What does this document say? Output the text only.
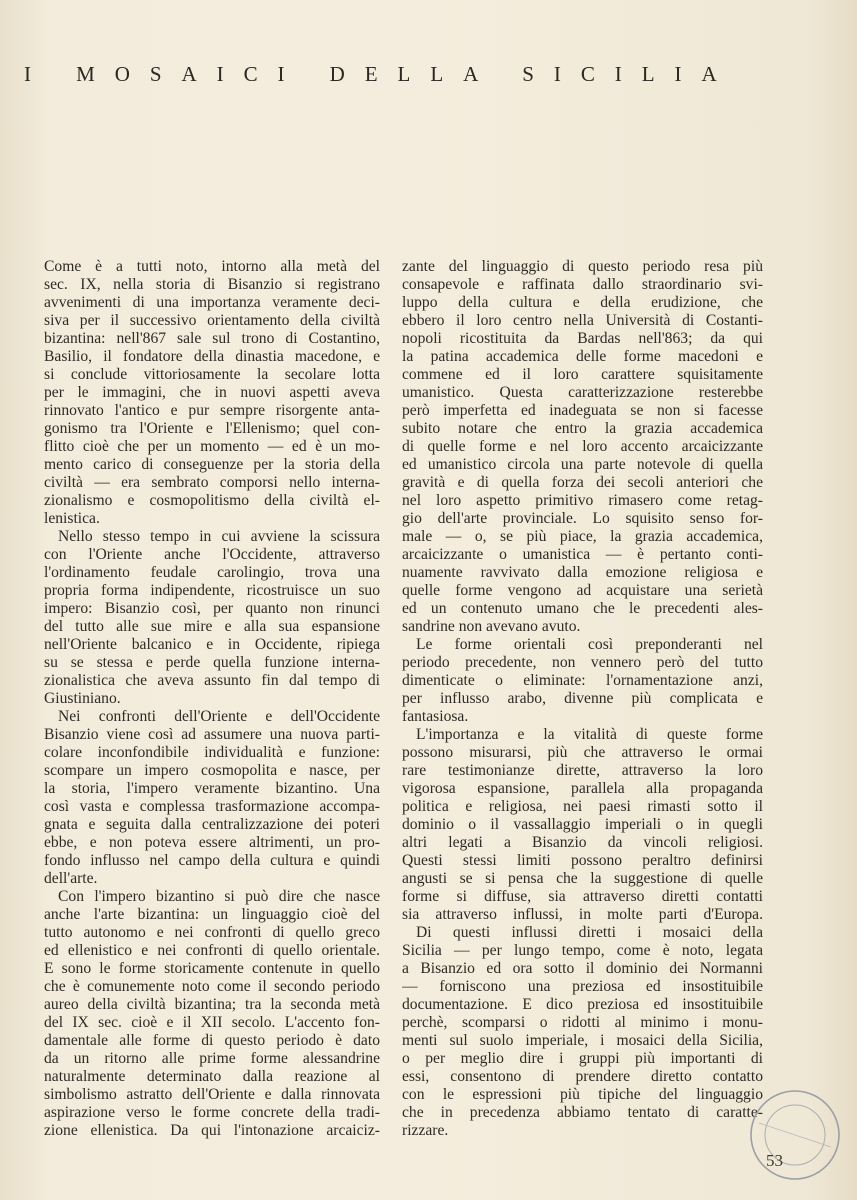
I MOSAICI DELLA SICILIA
Come è a tutti noto, intorno alla metà del
sec. IX, nella storia di Bisanzio si registrano
avvenimenti di una importanza veramente deci-
siva per il successivo orientamento della civiltà
bizantina: nell'867 sale sul trono di Costantino,
Basilio, il fondatore della dinastia macedone, e
si conclude vittoriosamente la secolare lotta
per le immagini, che in nuovi aspetti aveva
rinnovato l'antico e pur sempre risorgente anta-
gonismo tra l'Oriente e l'Ellenismo; quel con-
flitto cioè che per un momento — ed è un mo-
mento carico di conseguenze per la storia della
civiltà — era sembrato comporsi nello interna-
zionalismo e cosmopolitismo della civiltà el-
lenistica.
Nello stesso tempo in cui avviene la scissura
con l'Oriente anche l'Occidente, attraverso
l'ordinamento feudale carolingio, trova una
propria forma indipendente, ricostruisce un suo
impero: Bisanzio così, per quanto non rinunci
del tutto alle sue mire e alla sua espansione
nell'Oriente balcanico e in Occidente, ripiega
su se stessa e perde quella funzione interna-
zionalistica che aveva assunto fin dal tempo di
Giustiniano.
Nei confronti dell'Oriente e dell'Occidente
Bisanzio viene così ad assumere una nuova parti-
colare inconfondibile individualità e funzione:
scompare un impero cosmopolita e nasce, per
la storia, l'impero veramente bizantino. Una
così vasta e complessa trasformazione accompa-
gnata e seguita dalla centralizzazione dei poteri
ebbe, e non poteva essere altrimenti, un pro-
fondo influsso nel campo della cultura e quindi
dell'arte.
Con l'impero bizantino si può dire che nasce
anche l'arte bizantina: un linguaggio cioè del
tutto autonomo e nei confronti di quello greco
ed ellenistico e nei confronti di quello orientale.
E sono le forme storicamente contenute in quello
che è comunemente noto come il secondo periodo
aureo della civiltà bizantina; tra la seconda metà
del IX sec. cioè e il XII secolo. L'accento fon-
damentale alle forme di questo periodo è dato
da un ritorno alle prime forme alessandrine
naturalmente determinato dalla reazione al
simbolismo astratto dell'Oriente e dalla rinnovata
aspirazione verso le forme concrete della tradi-
zione ellenistica. Da qui l'intonazione arcaiciz-
zante del linguaggio di questo periodo resa più
consapevole e raffinata dallo straordinario svi-
luppo della cultura e della erudizione, che
ebbero il loro centro nella Università di Costanti-
nopoli ricostituita da Bardas nell'863; da qui
la patina accademica delle forme macedoni e
commene ed il loro carattere squisitamente
umanistico. Questa caratterizzazione resterebbe
però imperfetta ed inadeguata se non si facesse
subito notare che entro la grazia accademica
di quelle forme e nel loro accento arcaicizzante
ed umanistico circola una parte notevole di quella
gravità e di quella forza dei secoli anteriori che
nel loro aspetto primitivo rimasero come retag-
gio dell'arte provinciale. Lo squisito senso for-
male — o, se più piace, la grazia accademica,
arcaicizzante o umanistica — è pertanto conti-
nuamente ravvivato dalla emozione religiosa e
quelle forme vengono ad acquistare una serietà
ed un contenuto umano che le precedenti ales-
sandrine non avevano avuto.
Le forme orientali così preponderanti nel
periodo precedente, non vennero però del tutto
dimenticate o eliminate: l'ornamentazione anzi,
per influsso arabo, divenne più complicata e
fantasiosa.
L'importanza e la vitalità di queste forme
possono misurarsi, più che attraverso le ormai
rare testimonianze dirette, attraverso la loro
vigorosa espansione, parallela alla propaganda
politica e religiosa, nei paesi rimasti sotto il
dominio o il vassallaggio imperiali o in quegli
altri legati a Bisanzio da vincoli religiosi.
Questi stessi limiti possono peraltro definirsi
angusti se si pensa che la suggestione di quelle
forme si diffuse, sia attraverso diretti contatti
sia attraverso influssi, in molte parti d'Europa.
Di questi influssi diretti i mosaici della
Sicilia — per lungo tempo, come è noto, legata
a Bisanzio ed ora sotto il dominio dei Normanni
— forniscono una preziosa ed insostituibile
documentazione. E dico preziosa ed insostituibile
perchè, scomparsi o ridotti al minimo i monu-
menti sul suolo imperiale, i mosaici della Sicilia,
o per meglio dire i gruppi più importanti di
essi, consentono di prendere diretto contatto
con le espressioni più tipiche del linguaggio
che in precedenza abbiamo tentato di caratte-
rizzare.
53
